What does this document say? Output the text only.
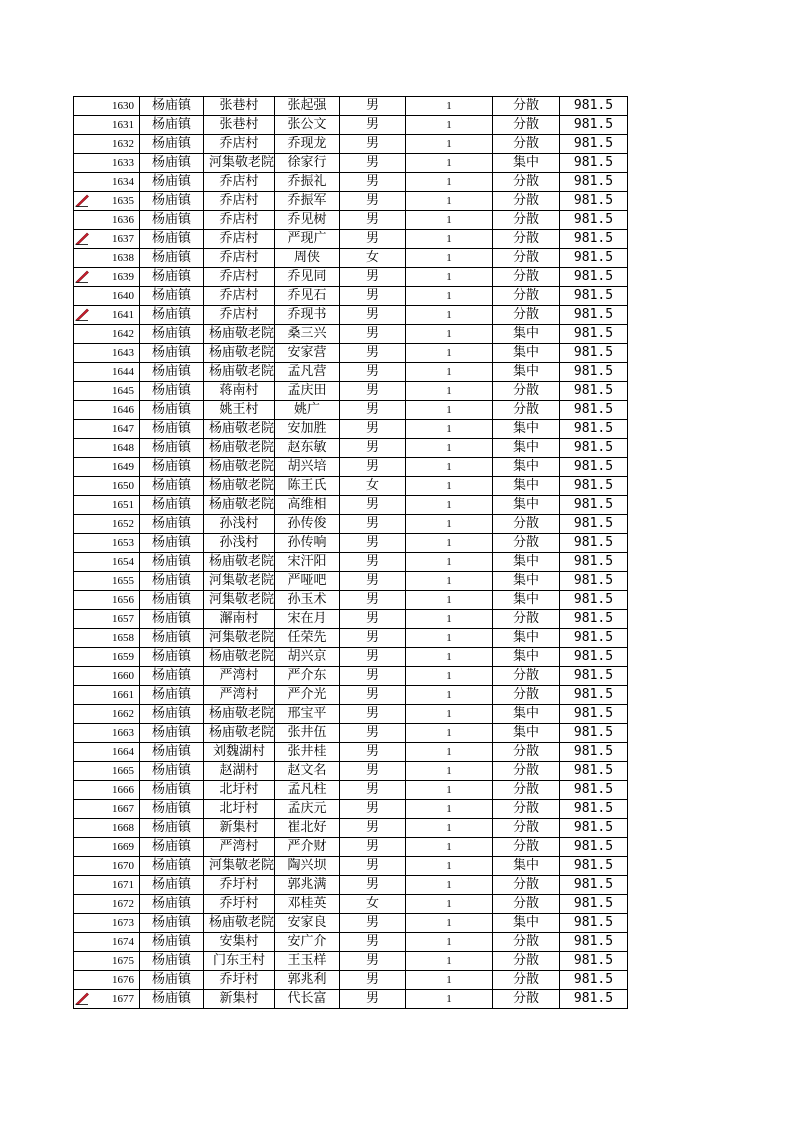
1630	杨庙镇	张巷村	张起强	男	1	分散	981.5
1631	杨庙镇	张巷村	张公文	男	1	分散	981.5
1632	杨庙镇	乔店村	乔现龙	男	1	分散	981.5
1633	杨庙镇	河集敬老院	徐家行	男	1	集中	981.5
1634	杨庙镇	乔店村	乔振礼	男	1	分散	981.5

1635	杨庙镇	乔店村	乔振军	男	1	分散	981.5
1636	杨庙镇	乔店村	乔见树	男	1	分散	981.5

1637	杨庙镇	乔店村	严现广	男	1	分散	981.5
1638	杨庙镇	乔店村	周侠	女	1	分散	981.5

1639	杨庙镇	乔店村	乔见同	男	1	分散	981.5
1640	杨庙镇	乔店村	乔见石	男	1	分散	981.5

1641	杨庙镇	乔店村	乔现书	男	1	分散	981.5
1642	杨庙镇	杨庙敬老院	桑三兴	男	1	集中	981.5
1643	杨庙镇	杨庙敬老院	安家营	男	1	集中	981.5
1644	杨庙镇	杨庙敬老院	孟凡营	男	1	集中	981.5
1645	杨庙镇	蒋南村	孟庆田	男	1	分散	981.5
1646	杨庙镇	姚王村	姚广	男	1	分散	981.5
1647	杨庙镇	杨庙敬老院	安加胜	男	1	集中	981.5
1648	杨庙镇	杨庙敬老院	赵东敏	男	1	集中	981.5
1649	杨庙镇	杨庙敬老院	胡兴培	男	1	集中	981.5
1650	杨庙镇	杨庙敬老院	陈王氏	女	1	集中	981.5
1651	杨庙镇	杨庙敬老院	高维相	男	1	集中	981.5
1652	杨庙镇	孙浅村	孙传俊	男	1	分散	981.5
1653	杨庙镇	孙浅村	孙传响	男	1	分散	981.5
1654	杨庙镇	杨庙敬老院	宋汗阳	男	1	集中	981.5
1655	杨庙镇	河集敬老院	严哑吧	男	1	集中	981.5
1656	杨庙镇	河集敬老院	孙玉术	男	1	集中	981.5
1657	杨庙镇	澥南村	宋在月	男	1	分散	981.5
1658	杨庙镇	河集敬老院	任荣先	男	1	集中	981.5
1659	杨庙镇	杨庙敬老院	胡兴京	男	1	集中	981.5
1660	杨庙镇	严湾村	严介东	男	1	分散	981.5
1661	杨庙镇	严湾村	严介光	男	1	分散	981.5
1662	杨庙镇	杨庙敬老院	邢宝平	男	1	集中	981.5
1663	杨庙镇	杨庙敬老院	张井伍	男	1	集中	981.5
1664	杨庙镇	刘魏湖村	张井桂	男	1	分散	981.5
1665	杨庙镇	赵湖村	赵文名	男	1	分散	981.5
1666	杨庙镇	北圩村	孟凡柱	男	1	分散	981.5
1667	杨庙镇	北圩村	孟庆元	男	1	分散	981.5
1668	杨庙镇	新集村	崔北好	男	1	分散	981.5
1669	杨庙镇	严湾村	严介财	男	1	分散	981.5
1670	杨庙镇	河集敬老院	陶兴坝	男	1	集中	981.5
1671	杨庙镇	乔圩村	郭兆满	男	1	分散	981.5
1672	杨庙镇	乔圩村	邓桂英	女	1	分散	981.5
1673	杨庙镇	杨庙敬老院	安家良	男	1	集中	981.5
1674	杨庙镇	安集村	安广介	男	1	分散	981.5
1675	杨庙镇	门东王村	王玉样	男	1	分散	981.5
1676	杨庙镇	乔圩村	郭兆利	男	1	分散	981.5

1677	杨庙镇	新集村	代长富	男	1	分散	981.5
